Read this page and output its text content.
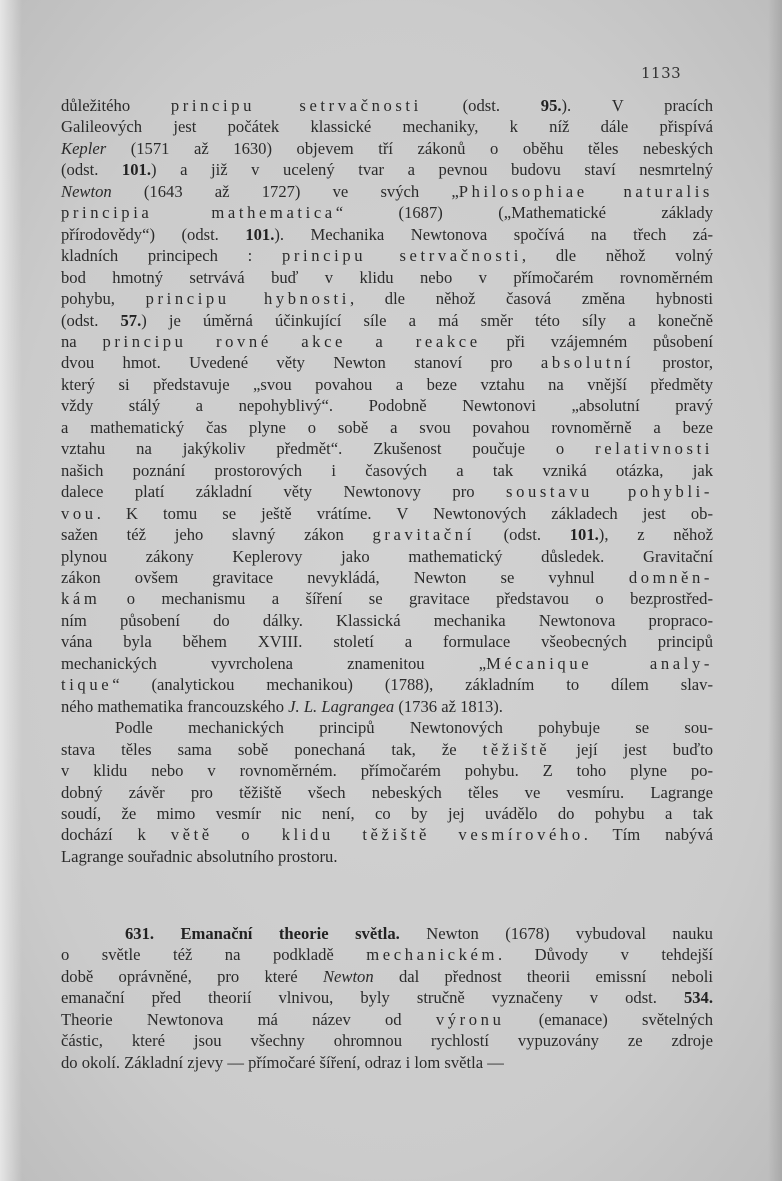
1133
důležitého principu setrvačnosti (odst. 95.). V pracích
Galileových jest počátek klassické mechaniky, k níž dále přispívá
Kepler (1571 až 1630) objevem tří zákonů o oběhu těles nebeských
(odst. 101.) a již v ucelený tvar a pevnou budovu staví nesmrtelný
Newton (1643 až 1727) ve svých „Philosophiae naturalis
principia mathematica“ (1687) („Mathematické základy
přírodovědy“) (odst. 101.). Mechanika Newtonova spočívá na třech zá-
kladních principech : principu setrvačnosti, dle něhož volný
bod hmotný setrvává buď v klidu nebo v přímočarém rovnoměrném
pohybu, principu hybnosti, dle něhož časová změna hybnosti
(odst. 57.) je úměrná účinkující síle a má směr této síly a konečně
na principu rovné akce a reakce při vzájemném působení
dvou hmot. Uvedené věty Newton stanoví pro absolutní prostor,
který si představuje „svou povahou a beze vztahu na vnější předměty
vždy stálý a nepohyblivý“. Podobně Newtonovi „absolutní pravý
a mathematický čas plyne o sobě a svou povahou rovnoměrně a beze
vztahu na jakýkoliv předmět“. Zkušenost poučuje o relativnosti
našich poznání prostorových i časových a tak vzniká otázka, jak
dalece platí základní věty Newtonovy pro soustavu pohybli-
vou. K tomu se ještě vrátíme. V Newtonových základech jest ob-
sažen též jeho slavný zákon gravitační (odst. 101.), z něhož
plynou zákony Keplerovy jako mathematický důsledek. Gravitační
zákon ovšem gravitace nevykládá, Newton se vyhnul domněn-
kám o mechanismu a šíření se gravitace představou o bezprostřed-
ním působení do dálky. Klassická mechanika Newtonova propraco-
vána byla během XVIII. století a formulace všeobecných principů
mechanických vyvrcholena znamenitou „Mécanique analy-
tique“ (analytickou mechanikou) (1788), základním to dílem slav-
ného mathematika francouzského J. L. Lagrangea (1736 až 1813).
Podle mechanických principů Newtonových pohybuje se sou-
stava těles sama sobě ponechaná tak, že těžiště její jest buďto
v klidu nebo v rovnoměrném. přímočarém pohybu. Z toho plyne po-
dobný závěr pro těžiště všech nebeských těles ve vesmíru. Lagrange
soudí, že mimo vesmír nic není, co by jej uvádělo do pohybu a tak
dochází k větě o klidu těžiště vesmírového. Tím nabývá
Lagrange souřadnic absolutního prostoru.
631. Emanační theorie světla. Newton (1678) vybudoval nauku
o světle též na podkladě mechanickém. Důvody v tehdejší
době oprávněné, pro které Newton dal přednost theorii emissní neboli
emanační před theorií vlnivou, byly stručně vyznačeny v odst. 534.
Theorie Newtonova má název od výronu (emanace) světelných
částic, které jsou všechny ohromnou rychlostí vypuzovány ze zdroje
do okolí. Základní zjevy — přímočaré šíření, odraz i lom světla —
